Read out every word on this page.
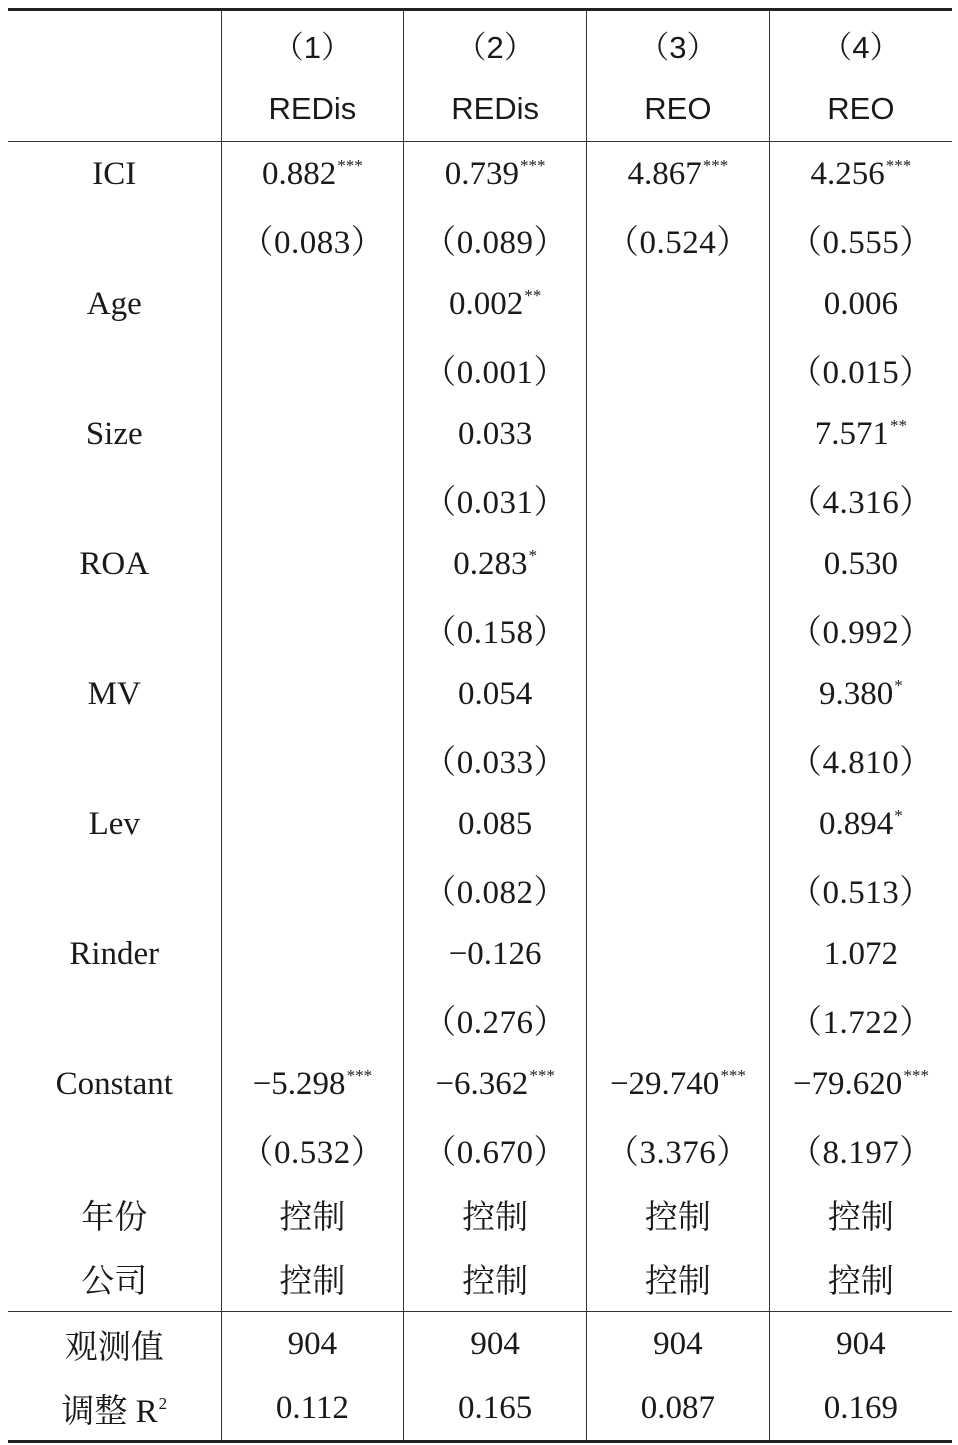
	（1）	（2）	（3）	（4）
	REDis	REDis	REO	REO
ICI	0.882***	0.739***	4.867***	4.256***
	（0.083）	（0.089）	（0.524）	（0.555）
Age		0.002**		0.006
		（0.001）		（0.015）
Size		0.033		7.571**
		（0.031）		（4.316）
ROA		0.283*		0.530
		（0.158）		（0.992）
MV		0.054		9.380*
		（0.033）		（4.810）
Lev		0.085		0.894*
		（0.082）		（0.513）
Rinder		−0.126		1.072
		（0.276）		（1.722）
Constant	−5.298***	−6.362***	−29.740***	−79.620***
	（0.532）	（0.670）	（3.376）	（8.197）
年份	控制	控制	控制	控制
公司	控制	控制	控制	控制
观测值	904	904	904	904
调整 $R^2$	0.112	0.165	0.087	0.169
